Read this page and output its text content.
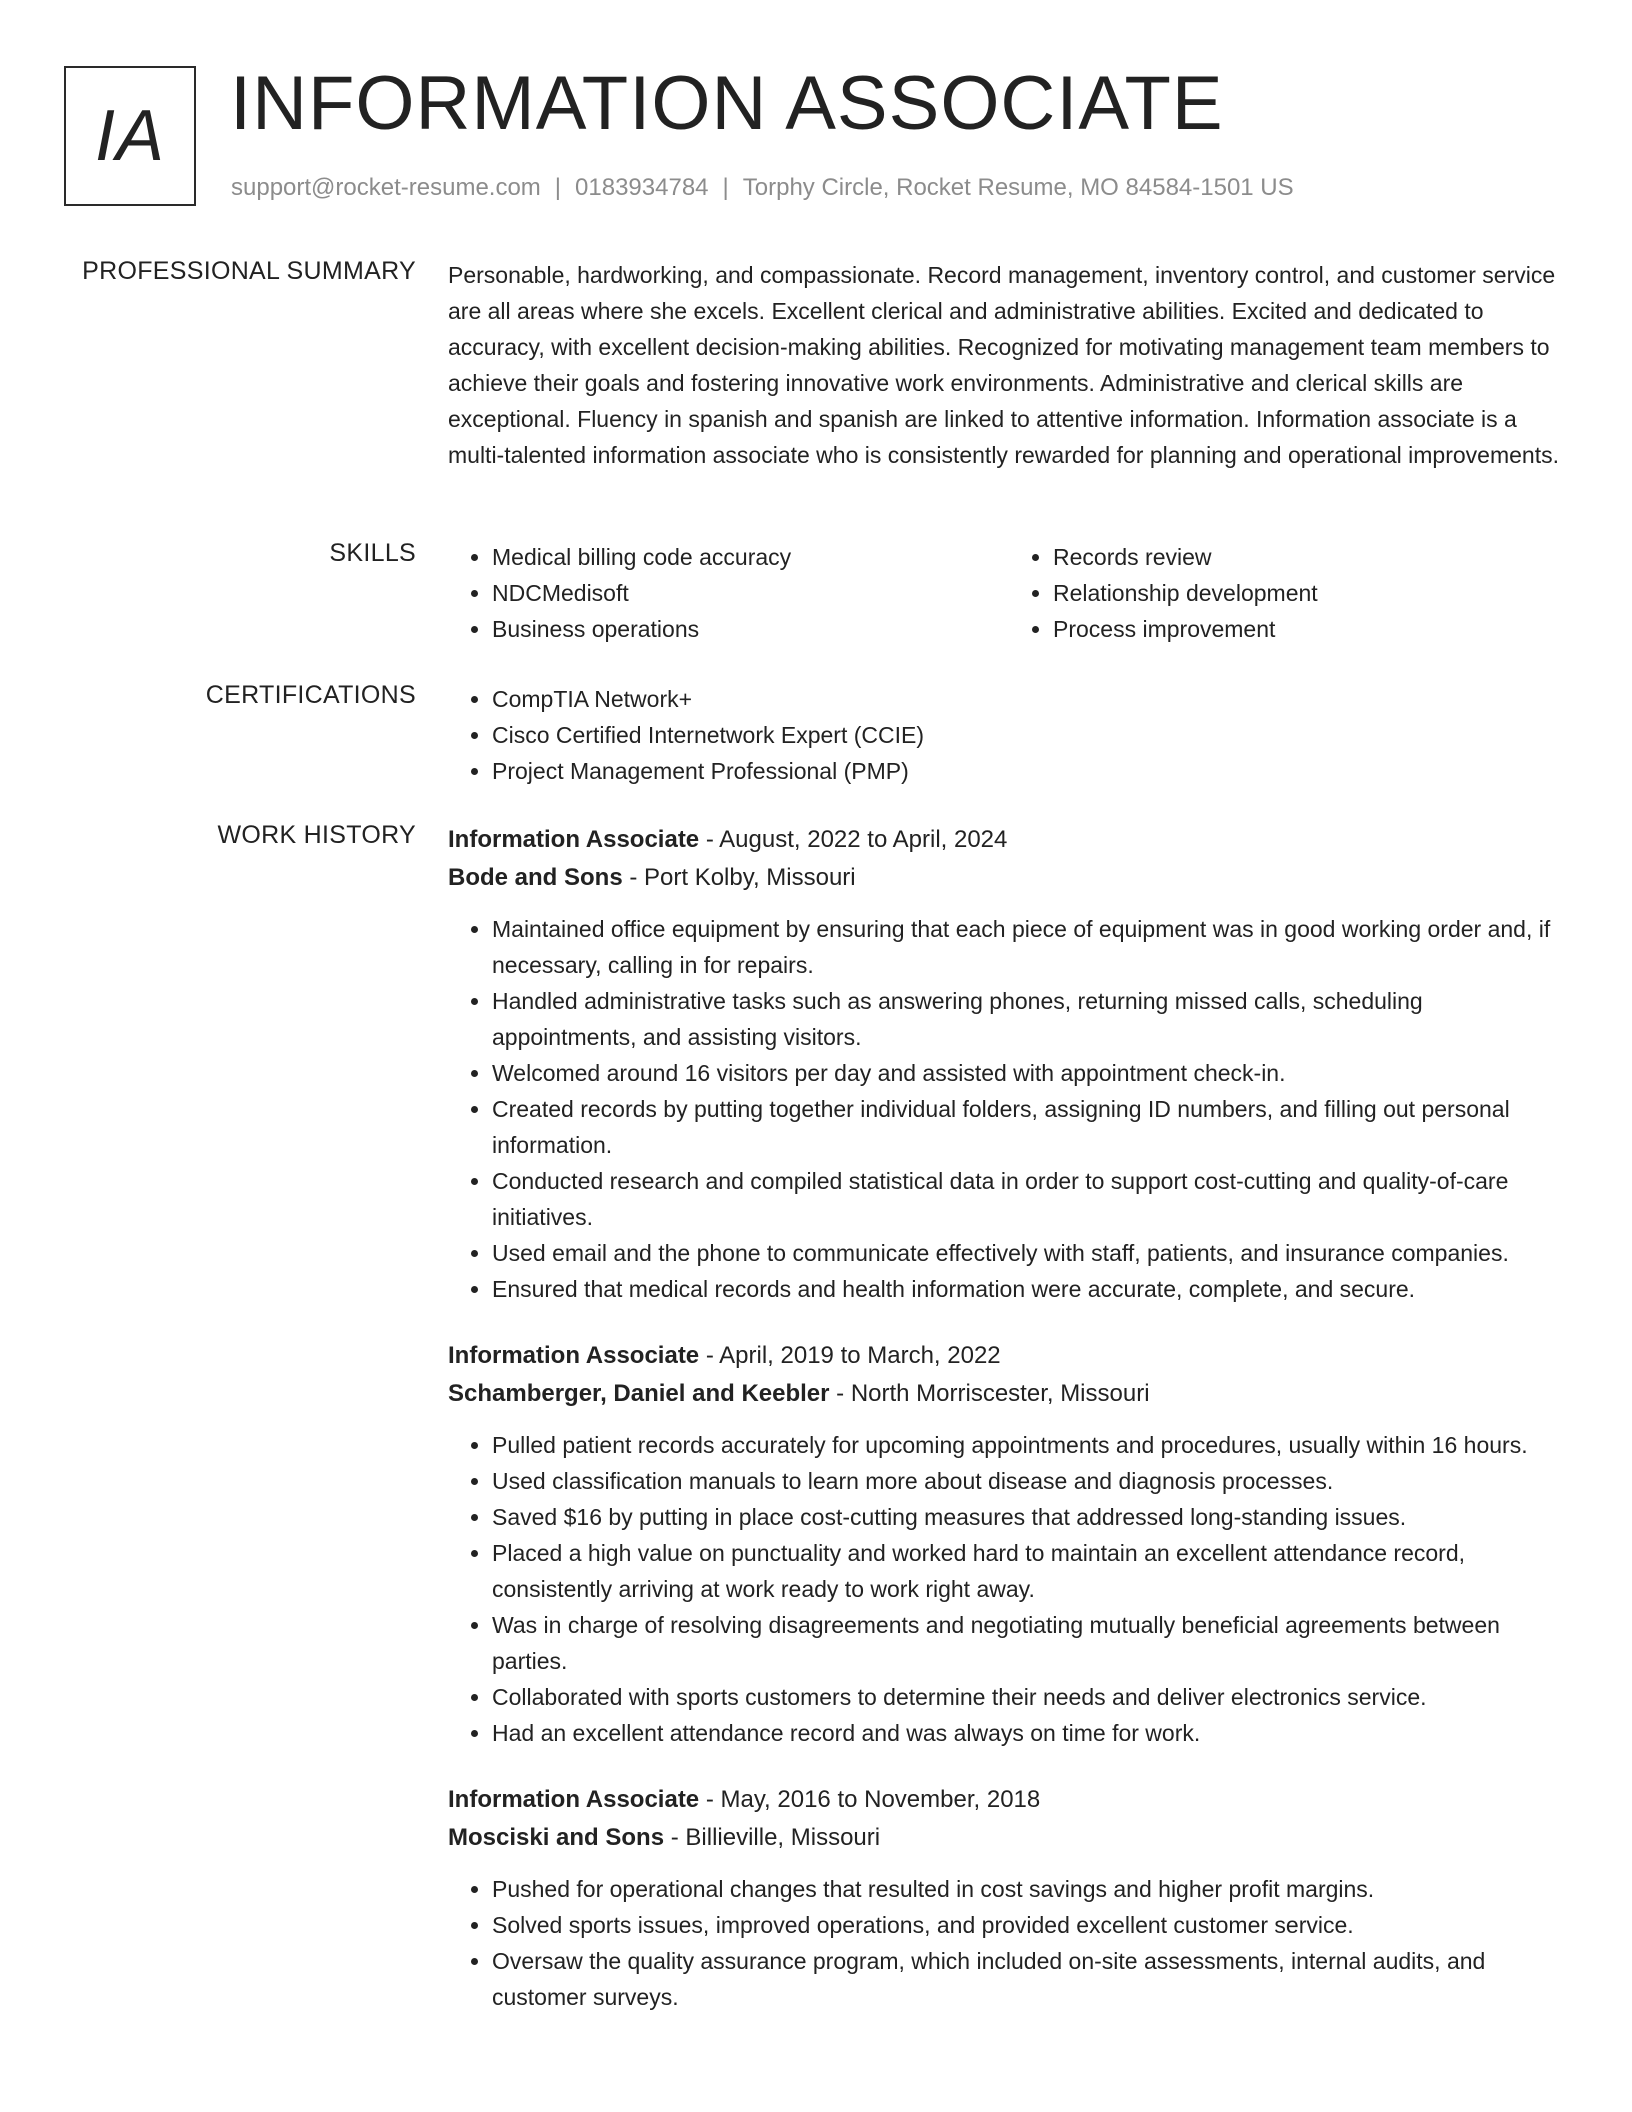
IA INFORMATION ASSOCIATE
support@rocket-resume.com | 0183934784 | Torphy Circle, Rocket Resume, MO 84584-1501 US
PROFESSIONAL SUMMARY Personable, hardworking, and compassionate. Record management, inventory control, and customer service are all areas where she excels. Excellent clerical and administrative abilities. Excited and dedicated to accuracy, with excellent decision-making abilities. Recognized for motivating management team members to achieve their goals and fostering innovative work environments. Administrative and clerical skills are exceptional. Fluency in spanish and spanish are linked to attentive information. Information associate is a multi-talented information associate who is consistently rewarded for planning and operational improvements.

SKILLS	• Medical billing code accuracy
• NDCMedisoft
• Business operations
• Records review
• Relationship development
• Process improvement
CERTIFICATIONS	• CompTIA Network+
• Cisco Certified Internetwork Expert (CCIE)
• Project Management Professional (PMP)
WORK HISTORY Information Associate - August, 2022 to April, 2024
Bode and Sons - Port Kolby, Missouri
• Maintained office equipment by ensuring that each piece of equipment was in good working order and, if necessary, calling in for repairs.
• Handled administrative tasks such as answering phones, returning missed calls, scheduling appointments, and assisting visitors.
• Welcomed around 16 visitors per day and assisted with appointment check-in.
• Created records by putting together individual folders, assigning ID numbers, and filling out personal information.
• Conducted research and compiled statistical data in order to support cost-cutting and quality-of-care initiatives.
• Used email and the phone to communicate effectively with staff, patients, and insurance companies.
• Ensured that medical records and health information were accurate, complete, and secure.
Information Associate - April, 2019 to March, 2022
Schamberger, Daniel and Keebler - North Morriscester, Missouri
• Pulled patient records accurately for upcoming appointments and procedures, usually within 16 hours.
• Used classification manuals to learn more about disease and diagnosis processes.
• Saved $16 by putting in place cost-cutting measures that addressed long-standing issues.
• Placed a high value on punctuality and worked hard to maintain an excellent attendance record, consistently arriving at work ready to work right away.
• Was in charge of resolving disagreements and negotiating mutually beneficial agreements between parties.
• Collaborated with sports customers to determine their needs and deliver electronics service.
• Had an excellent attendance record and was always on time for work.
Information Associate - May, 2016 to November, 2018
Mosciski and Sons - Billieville, Missouri
• Pushed for operational changes that resulted in cost savings and higher profit margins.
• Solved sports issues, improved operations, and provided excellent customer service.
• Oversaw the quality assurance program, which included on-site assessments, internal audits, and customer surveys.
